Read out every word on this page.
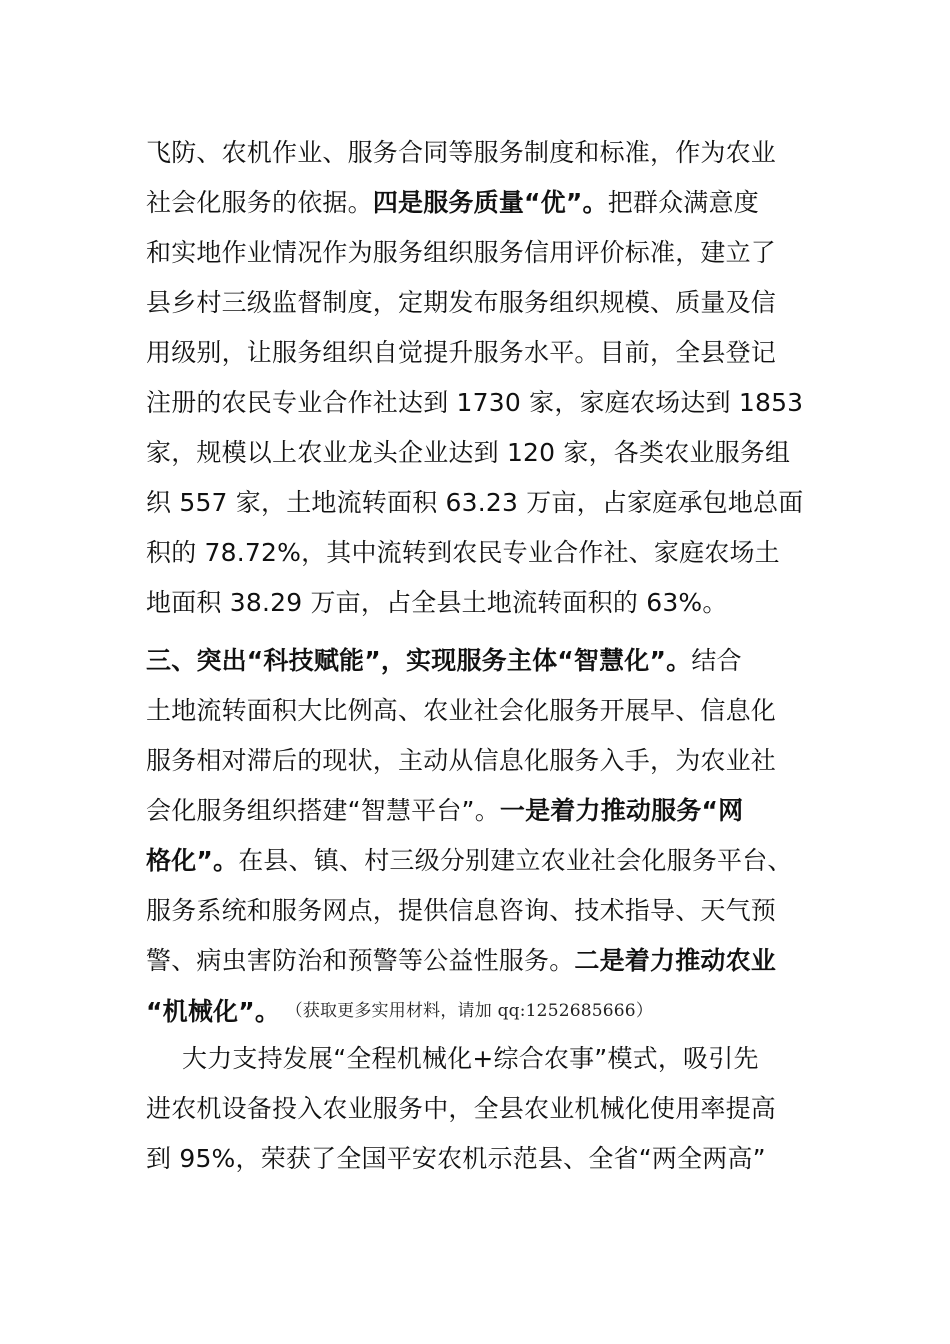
飞防、农机作业、服务合同等服务制度和标准，作为农业
社会化服务的依据。四是服务质量“优”。把群众满意度
和实地作业情况作为服务组织服务信用评价标准，建立了
县乡村三级监督制度，定期发布服务组织规模、质量及信
用级别，让服务组织自觉提升服务水平。目前，全县登记
注册的农民专业合作社达到 1730 家，家庭农场达到 1853
家，规模以上农业龙头企业达到 120 家，各类农业服务组
织 557 家，土地流转面积 63.23 万亩，占家庭承包地总面
积的 78.72%，其中流转到农民专业合作社、家庭农场土
地面积 38.29 万亩，占全县土地流转面积的 63%。
三、突出“科技赋能”，实现服务主体“智慧化”。结合
土地流转面积大比例高、农业社会化服务开展早、信息化
服务相对滞后的现状，主动从信息化服务入手，为农业社
会化服务组织搭建“智慧平台”。一是着力推动服务“网
格化”。在县、镇、村三级分别建立农业社会化服务平台、
服务系统和服务网点，提供信息咨询、技术指导、天气预
警、病虫害防治和预警等公益性服务。二是着力推动农业
“机械化”。 （获取更多实用材料，请加 qq:1252685666）
大力支持发展“全程机械化+综合农事”模式，吸引先
进农机设备投入农业服务中，全县农业机械化使用率提高
到 95%，荣获了全国平安农机示范县、全省“两全两高”
